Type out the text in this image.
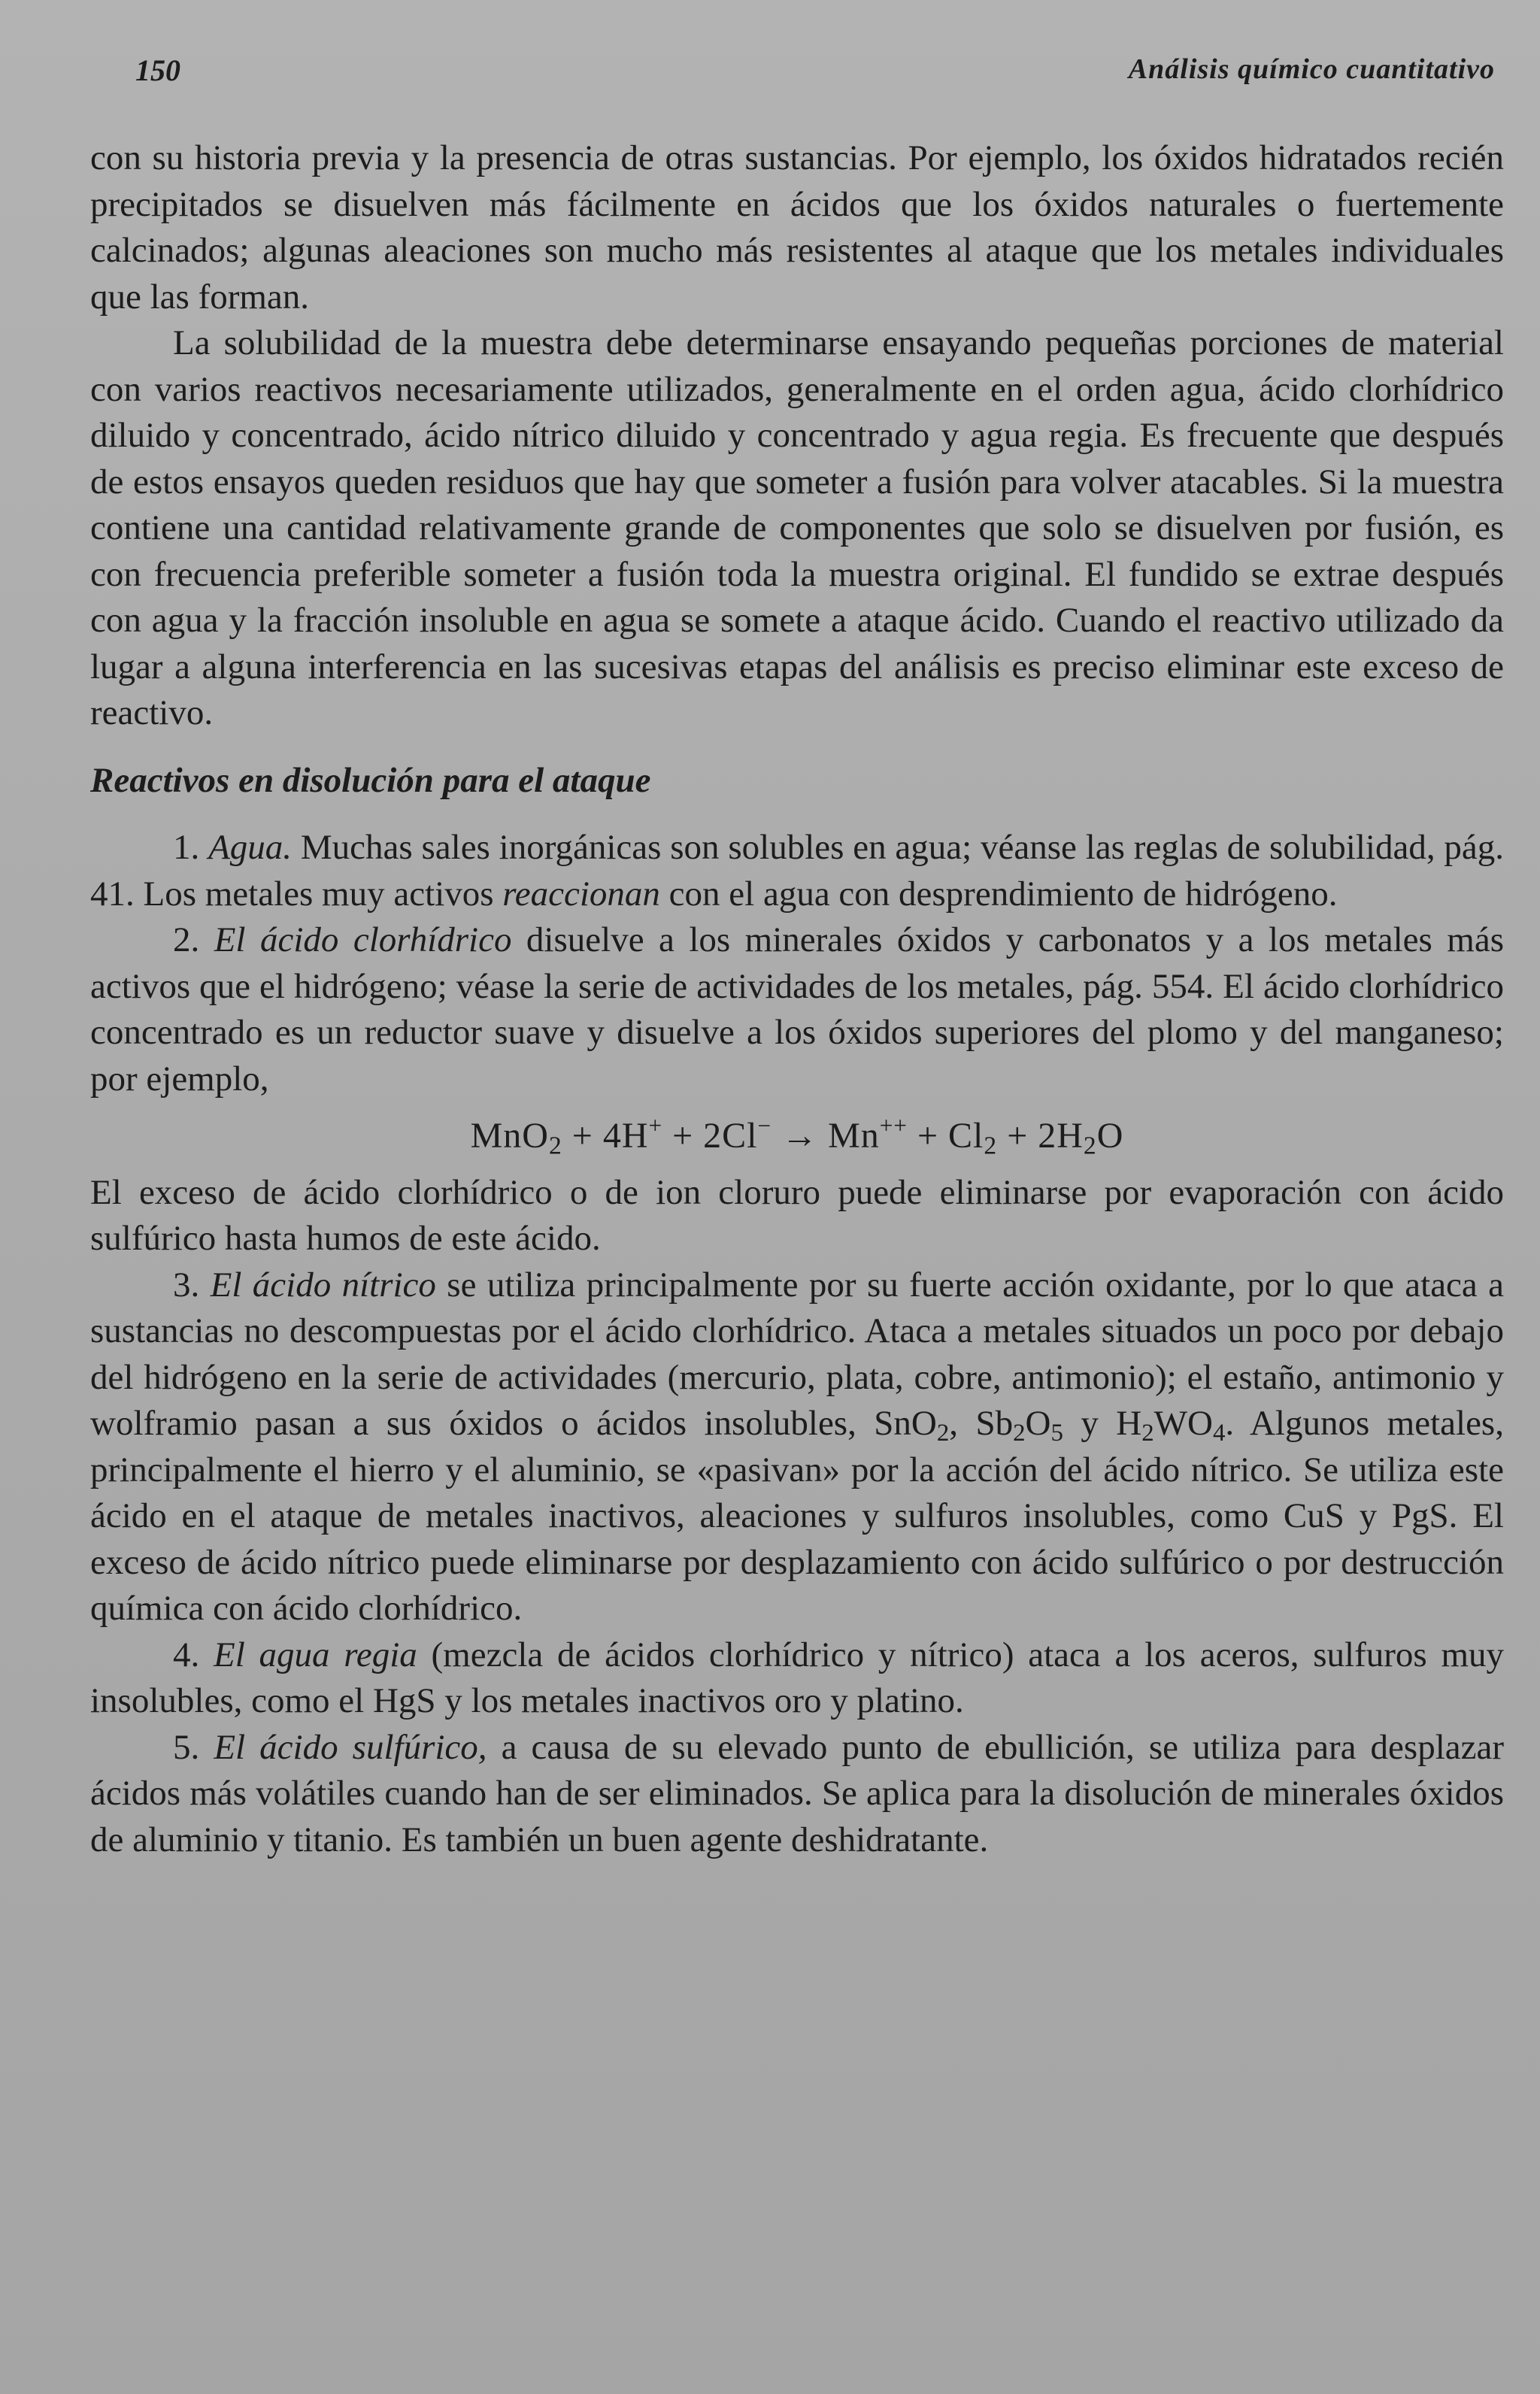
150	Análisis químico cuantitativo

con su historia previa y la presencia de otras sustancias. Por ejemplo, los óxidos hidratados recién precipitados se disuelven más fácilmente en ácidos que los óxidos naturales o fuertemente calcinados; algunas aleaciones son mucho más resistentes al ataque que los metales individuales que las forman.

La solubilidad de la muestra debe determinarse ensayando pequeñas porciones de material con varios reactivos necesariamente utilizados, generalmente en el orden agua, ácido clorhídrico diluido y concentrado, ácido nítrico diluido y concentrado y agua regia. Es frecuente que después de estos ensayos queden residuos que hay que someter a fusión para volver atacables. Si la muestra contiene una cantidad relativamente grande de componentes que solo se disuelven por fusión, es con frecuencia preferible someter a fusión toda la muestra original. El fundido se extrae después con agua y la fracción insoluble en agua se somete a ataque ácido. Cuando el reactivo utilizado da lugar a alguna interferencia en las sucesivas etapas del análisis es preciso eliminar este exceso de reactivo.

Reactivos en disolución para el ataque

1. Agua. Muchas sales inorgánicas son solubles en agua; véanse las reglas de solubilidad, pág. 41. Los metales muy activos reaccionan con el agua con desprendimiento de hidrógeno.

2. El ácido clorhídrico disuelve a los minerales óxidos y carbonatos y a los metales más activos que el hidrógeno; véase la serie de actividades de los metales, pág. 554. El ácido clorhídrico concentrado es un reductor suave y disuelve a los óxidos superiores del plomo y del manganeso; por ejemplo,

$MnO_2 + 4H^+ + 2Cl^- \to Mn^{++} + Cl_2 + 2H_2O$

El exceso de ácido clorhídrico o de ion cloruro puede eliminarse por evaporación con ácido sulfúrico hasta humos de este ácido.

3. El ácido nítrico se utiliza principalmente por su fuerte acción oxidante, por lo que ataca a sustancias no descompuestas por el ácido clorhídrico. Ataca a metales situados un poco por debajo del hidrógeno en la serie de actividades (mercurio, plata, cobre, antimonio); el estaño, antimonio y wolframio pasan a sus óxidos o ácidos insolubles, SnO$_2$, $Sb_2O_5$ y $H_2WO_4$. Algunos metales, principalmente el hierro y el aluminio, se «pasivan» por la acción del ácido nítrico. Se utiliza este ácido en el ataque de metales inactivos, aleaciones y sulfuros insolubles, como CuS y PgS. El exceso de ácido nítrico puede eliminarse por desplazamiento con ácido sulfúrico o por destrucción química con ácido clorhídrico.

4. El agua regia (mezcla de ácidos clorhídrico y nítrico) ataca a los aceros, sulfuros muy insolubles, como el HgS y los metales inactivos oro y platino.

5. El ácido sulfúrico, a causa de su elevado punto de ebullición, se utiliza para desplazar ácidos más volátiles cuando han de ser eliminados. Se aplica para la disolución de minerales óxidos de aluminio y titanio. Es también un buen agente deshidratante.
